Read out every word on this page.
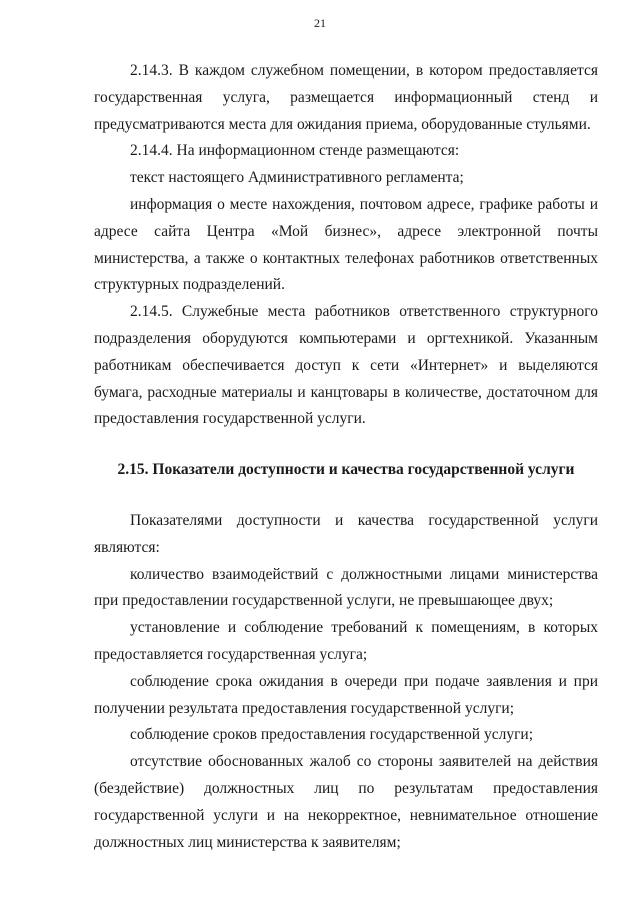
21

2.14.3. В каждом служебном помещении, в котором предоставляется государственная услуга, размещается информационный стенд и предусматриваются места для ожидания приема, оборудованные стульями.

2.14.4. На информационном стенде размещаются:

текст настоящего Административного регламента;

информация о месте нахождения, почтовом адресе, графике работы и адресе сайта Центра «Мой бизнес», адресе электронной почты министерства, а также о контактных телефонах работников ответственных структурных подразделений.

2.14.5. Служебные места работников ответственного структурного подразделения оборудуются компьютерами и оргтехникой. Указанным работникам обеспечивается доступ к сети «Интернет» и выделяются бумага, расходные материалы и канцтовары в количестве, достаточном для предоставления государственной услуги.

2.15. Показатели доступности и качества государственной услуги

Показателями доступности и качества государственной услуги являются:

количество взаимодействий с должностными лицами министерства при предоставлении государственной услуги, не превышающее двух;

установление и соблюдение требований к помещениям, в которых предоставляется государственная услуга;

соблюдение срока ожидания в очереди при подаче заявления и при получении результата предоставления государственной услуги;

соблюдение сроков предоставления государственной услуги;

отсутствие обоснованных жалоб со стороны заявителей на действия (бездействие) должностных лиц по результатам предоставления государственной услуги и на некорректное, невнимательное отношение должностных лиц министерства к заявителям;
